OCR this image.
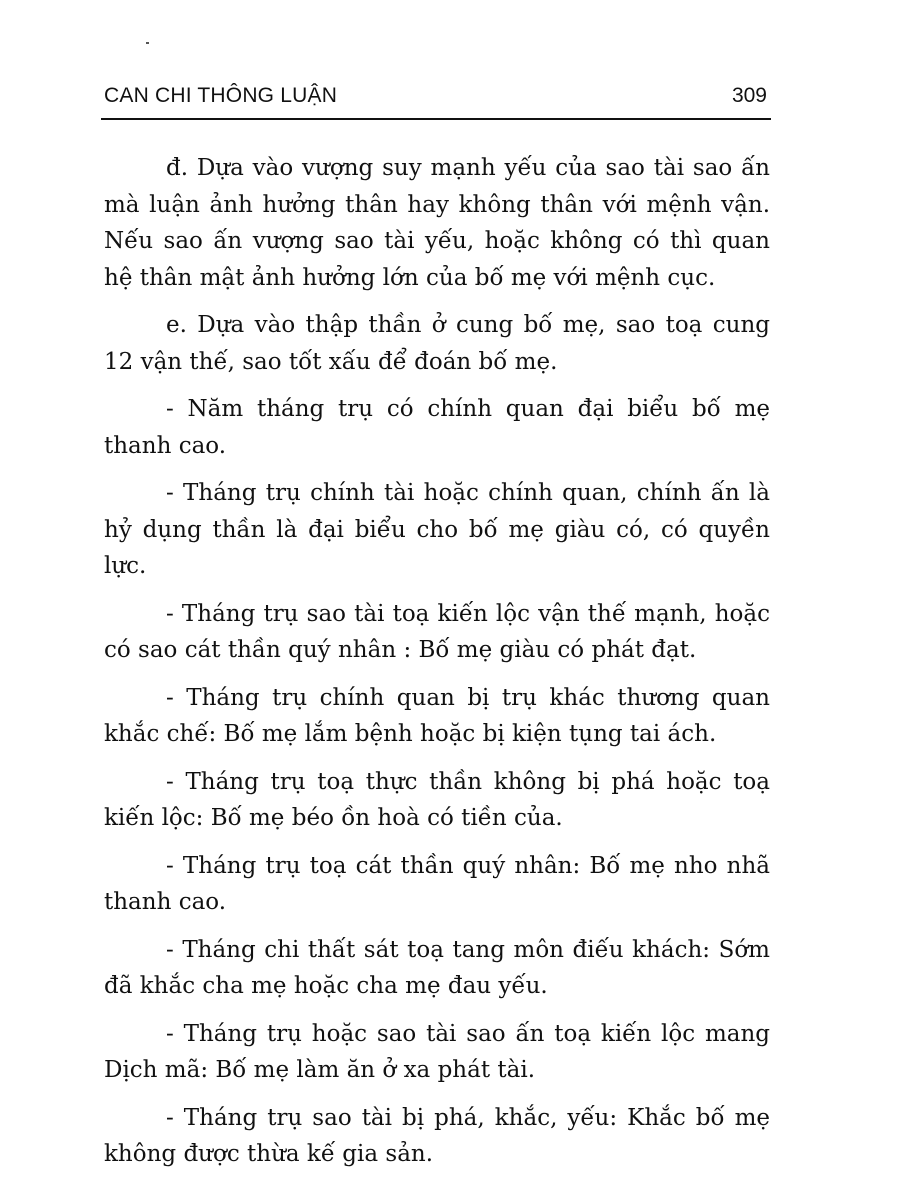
CAN CHI THÔNG LUẬN	309

đ. Dựa vào vượng suy mạnh yếu của sao tài sao ấn mà luận ảnh hưởng thân hay không thân với mệnh vận. Nếu sao ấn vượng sao tài yếu, hoặc không có thì quan hệ thân mật ảnh hưởng lớn của bố mẹ với mệnh cục.

e. Dựa vào thập thần ở cung bố mẹ, sao toạ cung 12 vận thế, sao tốt xấu để đoán bố mẹ.

- Năm tháng trụ có chính quan đại biểu bố mẹ thanh cao.

- Tháng trụ chính tài hoặc chính quan, chính ấn là hỷ dụng thần là đại biểu cho bố mẹ giàu có, có quyền lực.

- Tháng trụ sao tài toạ kiến lộc vận thế mạnh, hoặc có sao cát thần quý nhân : Bố mẹ giàu có phát đạt.

- Tháng trụ chính quan bị trụ khác thương quan khắc chế: Bố mẹ lắm bệnh hoặc bị kiện tụng tai ách.

- Tháng trụ toạ thực thần không bị phá hoặc toạ kiến lộc: Bố mẹ béo ồn hoà có tiền của.

- Tháng trụ toạ cát thần quý nhân: Bố mẹ nho nhã thanh cao.

- Tháng chi thất sát toạ tang môn điếu khách: Sớm đã khắc cha mẹ hoặc cha mẹ đau yếu.

- Tháng trụ hoặc sao tài sao ấn toạ kiến lộc mang Dịch mã: Bố mẹ làm ăn ở xa phát tài.

- Tháng trụ sao tài bị phá, khắc, yếu: Khắc bố mẹ không được thừa kế gia sản.
